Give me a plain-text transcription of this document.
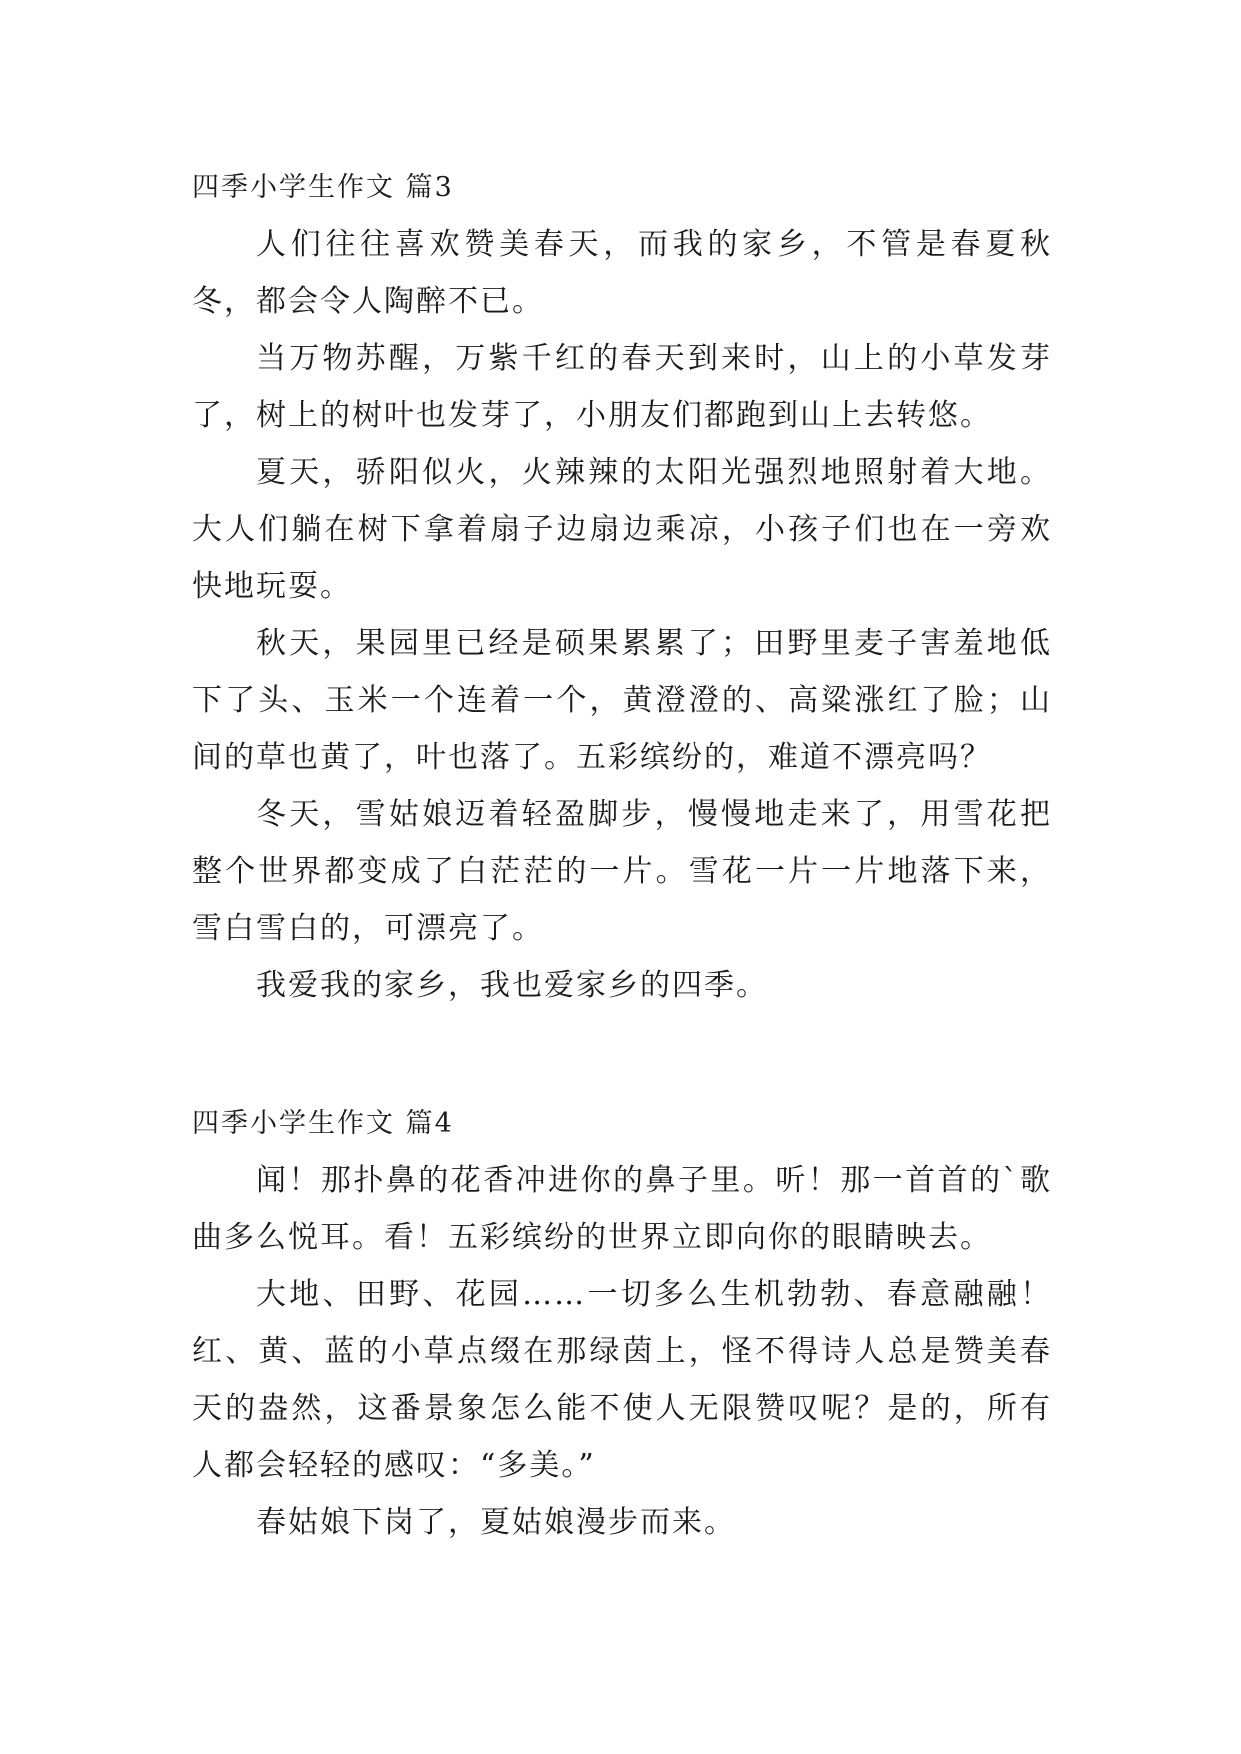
四季小学生作文 篇3

人们往往喜欢赞美春天，而我的家乡，不管是春夏秋冬，都会令人陶醉不已。

当万物苏醒，万紫千红的春天到来时，山上的小草发芽了，树上的树叶也发芽了，小朋友们都跑到山上去转悠。

夏天，骄阳似火，火辣辣的太阳光强烈地照射着大地。大人们躺在树下拿着扇子边扇边乘凉，小孩子们也在一旁欢快地玩耍。

秋天，果园里已经是硕果累累了；田野里麦子害羞地低下了头、玉米一个连着一个，黄澄澄的、高粱涨红了脸；山间的草也黄了，叶也落了。五彩缤纷的，难道不漂亮吗？

冬天，雪姑娘迈着轻盈脚步，慢慢地走来了，用雪花把整个世界都变成了白茫茫的一片。雪花一片一片地落下来，雪白雪白的，可漂亮了。

我爱我的家乡，我也爱家乡的四季。

四季小学生作文 篇4

闻！那扑鼻的花香冲进你的鼻子里。听！那一首首的`歌曲多么悦耳。看！五彩缤纷的世界立即向你的眼睛映去。

大地、田野、花园……一切多么生机勃勃、春意融融！红、黄、蓝的小草点缀在那绿茵上，怪不得诗人总是赞美春天的盎然，这番景象怎么能不使人无限赞叹呢？是的，所有人都会轻轻的感叹：“多美。”

春姑娘下岗了，夏姑娘漫步而来。
